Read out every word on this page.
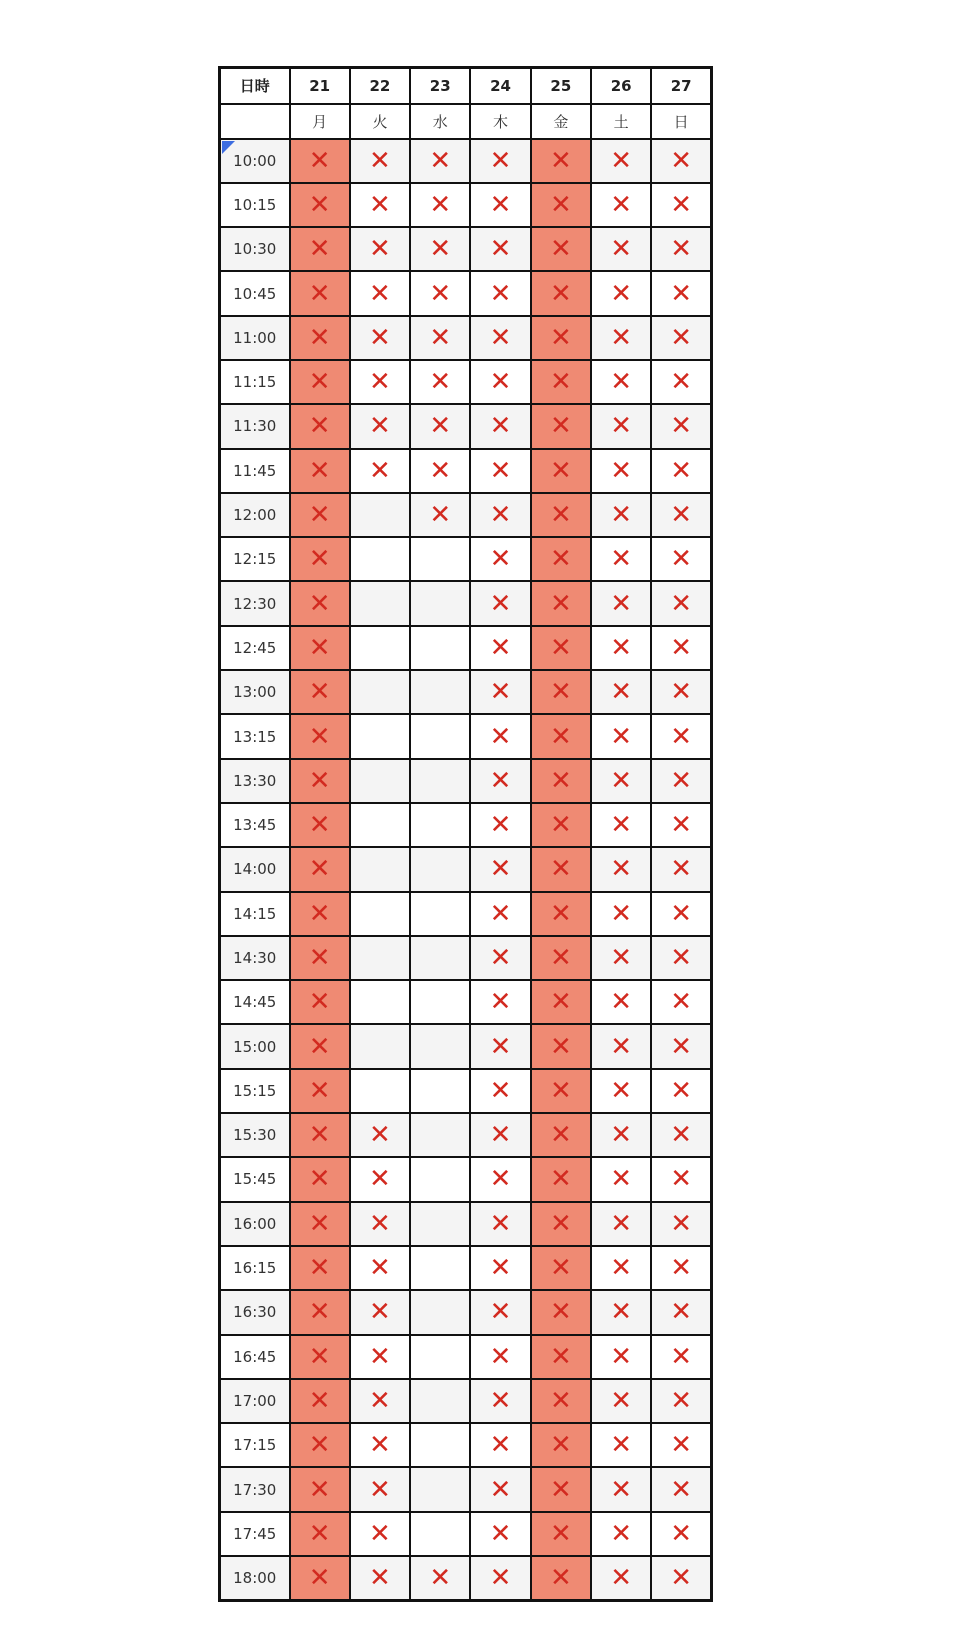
日時	21	22	23	24	25	26	27
	月	火	水	木	金	土	日

10:00	✕	✕	✕	✕	✕	✕	✕
10:15	✕	✕	✕	✕	✕	✕	✕
10:30	✕	✕	✕	✕	✕	✕	✕
10:45	✕	✕	✕	✕	✕	✕	✕
11:00	✕	✕	✕	✕	✕	✕	✕
11:15	✕	✕	✕	✕	✕	✕	✕
11:30	✕	✕	✕	✕	✕	✕	✕
11:45	✕	✕	✕	✕	✕	✕	✕
12:00	✕		✕	✕	✕	✕	✕
12:15	✕			✕	✕	✕	✕
12:30	✕			✕	✕	✕	✕
12:45	✕			✕	✕	✕	✕
13:00	✕			✕	✕	✕	✕
13:15	✕			✕	✕	✕	✕
13:30	✕			✕	✕	✕	✕
13:45	✕			✕	✕	✕	✕
14:00	✕			✕	✕	✕	✕
14:15	✕			✕	✕	✕	✕
14:30	✕			✕	✕	✕	✕
14:45	✕			✕	✕	✕	✕
15:00	✕			✕	✕	✕	✕
15:15	✕			✕	✕	✕	✕
15:30	✕	✕		✕	✕	✕	✕
15:45	✕	✕		✕	✕	✕	✕
16:00	✕	✕		✕	✕	✕	✕
16:15	✕	✕		✕	✕	✕	✕
16:30	✕	✕		✕	✕	✕	✕
16:45	✕	✕		✕	✕	✕	✕
17:00	✕	✕		✕	✕	✕	✕
17:15	✕	✕		✕	✕	✕	✕
17:30	✕	✕		✕	✕	✕	✕
17:45	✕	✕		✕	✕	✕	✕
18:00	✕	✕	✕	✕	✕	✕	✕
